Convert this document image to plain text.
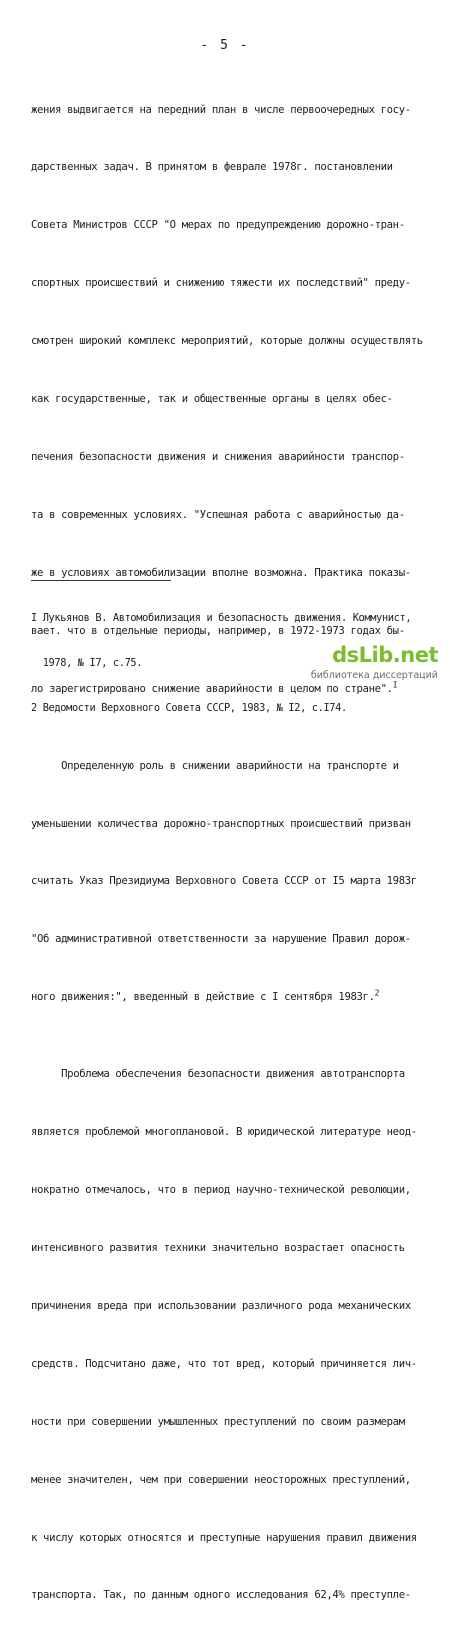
- 5 -

жения выдвигается на передний план в числе первоочередных госу-

дарственных задач. В принятом в феврале 1978г. постановлении

Совета Министров СССР "О мерах по предупреждению дорожно-тран-

спортных происшествий и снижению тяжести их последствий" преду-

смотрен широкий комплекс мероприятий, которые должны осуществлять

как государственные, так и общественные органы в целях обес-

печения безопасности движения и снижения аварийности транспор-

та в современных условиях. "Успешная работа с аварийностью да-

же в условиях автомобилизации вполне возможна. Практика показы-

вает. что в отдельные периоды, например, в 1972-1973 годах бы-

ло зарегистрировано снижение аварийности в целом по стране".$^I$

Определенную роль в снижении аварийности на транспорте и

уменьшении количества дорожно-транспортных происшествий призван

считать Указ Президиума Верховного Совета СССР от I5 марта 1983г

"Об административной ответственности за нарушение Правил дорож-

ного движения:", введенный в действие с I сентября 1983г.$^2$

Проблема обеспечения безопасности движения автотранспорта

является проблемой многоплановой. В юридической литературе неод-

нократно отмечалось, что в период научно-технической революции,

интенсивного развития техники значительно возрастает опасность

причинения вреда при использовании различного рода механических

средств. Подсчитано даже, что тот вред, который причиняется лич-

ности при совершении умышленных преступлений по своим размерам

менее значителен, чем при совершении неосторожных преступлений,

к числу которых относятся и преступные нарушения правил движения

транспорта. Так, по данным одного исследования 62,4% преступле-

I Лукьянов В. Автомобилизация и безопасность движения. Коммунист,

1978, № I7, с.75.

2 Ведомости Верховного Совета СССР, 1983, № I2, с.I74.

dsLib.net
библиотека диссертаций
